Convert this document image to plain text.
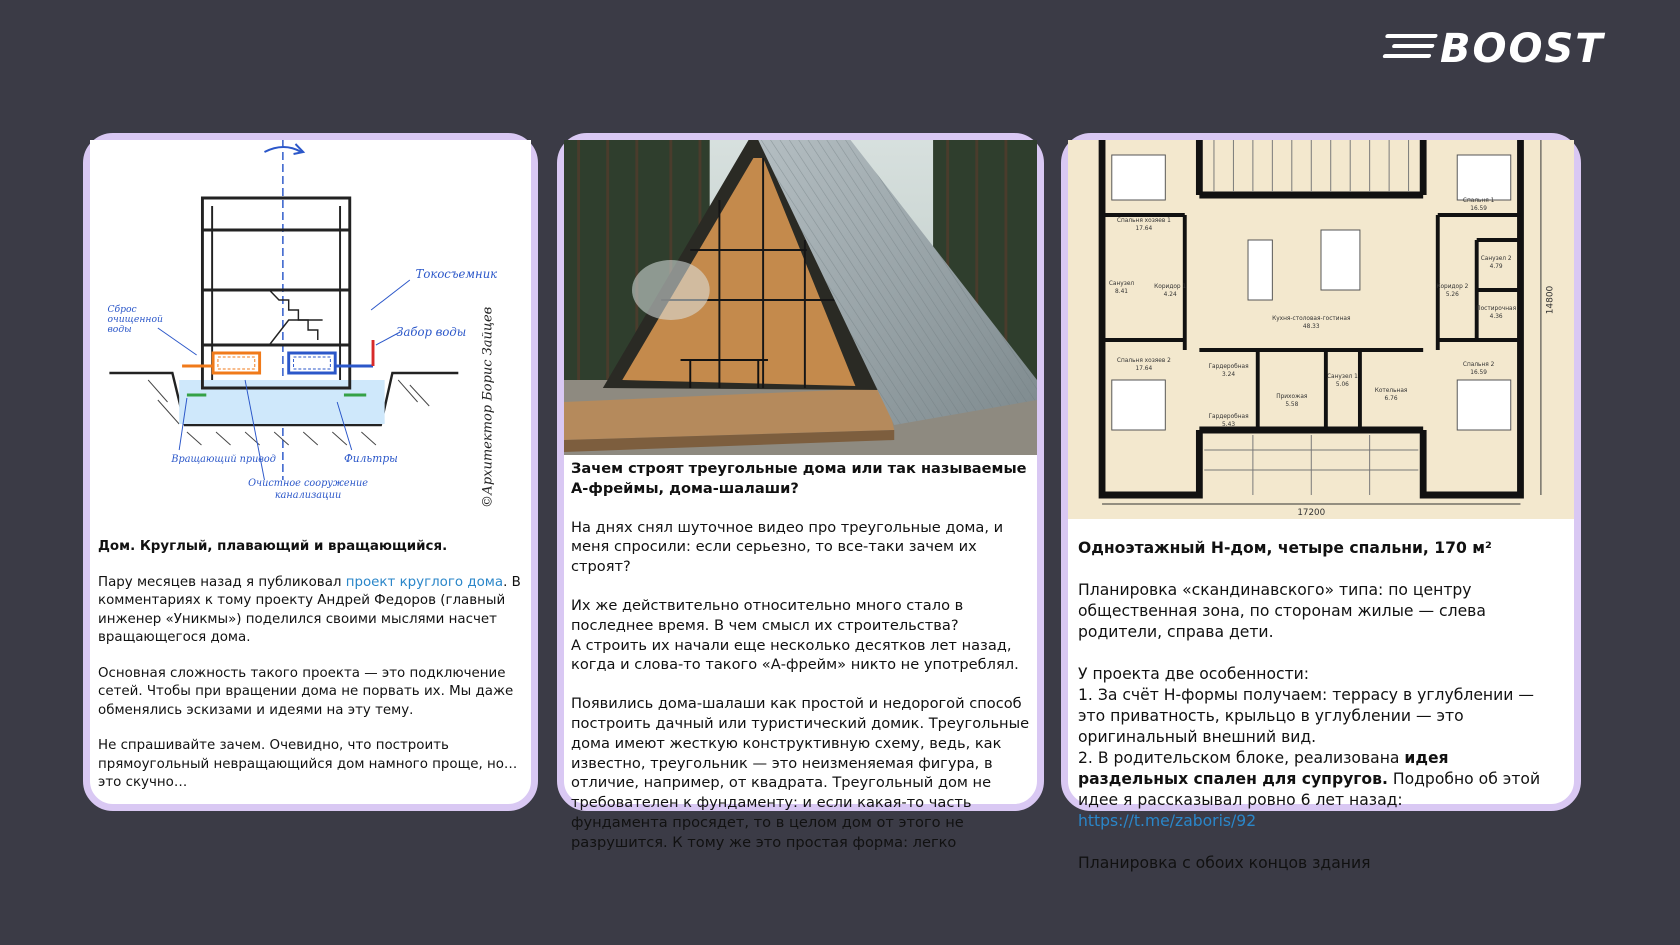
BOOST
Токосъемник
Забор воды
Вращающий привод	Фильтры
Сброс очищенной воды
Очистное сооружение канализации	©Архитектор Борис Зайцев

Дом. Круглый, плавающий и вращающийся.

Пару месяцев назад я публиковал проект круглого дома. В комментариях к тому проекту Андрей Федоров (главный инженер «Уникмы») поделился своими мыслями насчет вращающегося дома.

Основная сложность такого проекта — это подключение сетей. Чтобы при вращении дома не порвать их. Мы даже обменялись эскизами и идеями на эту тему.

Не спрашивайте зачем. Очевидно, что построить прямоугольный невращающийся дом намного проще, но… это скучно…

Зачем строят треугольные дома или так называемые А-фреймы, дома-шалаши?

На днях снял шуточное видео про треугольные дома, и меня спросили: если серьезно, то все-таки зачем их строят?

Их же действительно относительно много стало в последнее время. В чем смысл их строительства?

А строить их начали еще несколько десятков лет назад, когда и слова-то такого «А-фрейм» никто не употреблял.

Появились дома-шалаши как простой и недорогой способ построить дачный или туристический домик. Треугольные дома имеют жесткую конструктивную схему, ведь, как известно, треугольник — это неизменяемая фигура, в отличие, например, от квадрата. Треугольный дом не требователен к фундаменту: и если какая-то часть фундамента просядет, то в целом дом от этого не разрушится. К тому же это простая форма: легко

Спальня хозяев 1
17.64
Спальня хозяев 2
17.64
Спальня 1
16.59
Спальня 2
16.59
Кухня-столовая-гостиная
48.33
Санузел 2
4.79
Постирочная
4.36
Гардеробная
3.24
Гардеробная
5.43
Прихожая
5.58
Санузел 1
5.06
Котельная
6.76
Санузел
8.41
Коридор 1
4.24
Коридор 2
5.26
17200
14800

Одноэтажный Н-дом, четыре спальни, 170 м²

Планировка «скандинавского» типа: по центру общественная зона, по сторонам жилые — слева родители, справа дети.

У проекта две особенности:

1. За счёт Н-формы получаем: террасу в углублении — это приватность, крыльцо в углублении — это оригинальный внешний вид.

2. В родительском блоке, реализована идея раздельных спален для супругов. Подробно об этой идее я рассказывал ровно 6 лет назад: https://t.me/zaboris/92

Планировка с обоих концов здания
